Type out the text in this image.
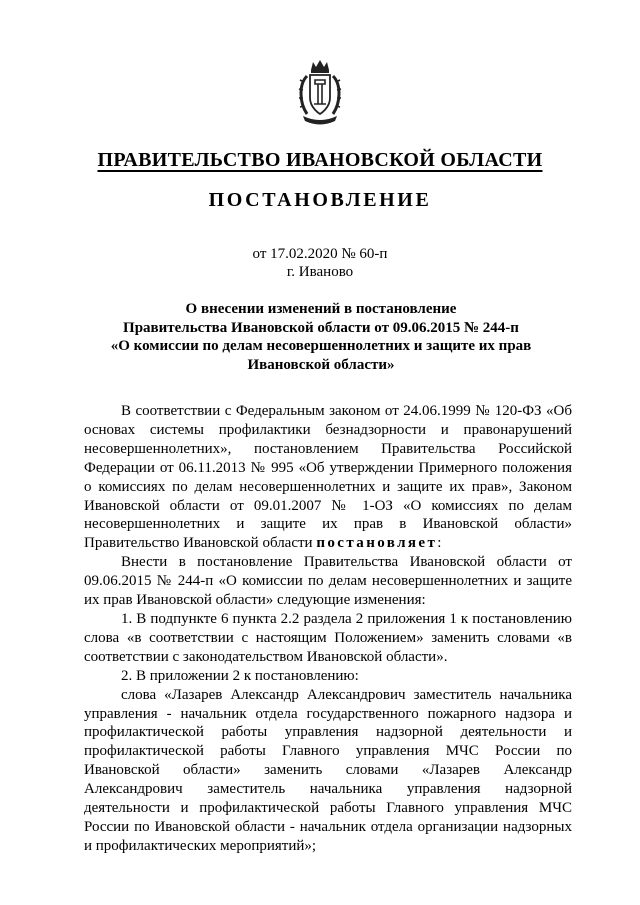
ПРАВИТЕЛЬСТВО ИВАНОВСКОЙ ОБЛАСТИ
ПОСТАНОВЛЕНИЕ
от 17.02.2020 № 60-п
г. Иваново
О внесении изменений в постановление
Правительства Ивановской области от 09.06.2015 № 244-п
«О комиссии по делам несовершеннолетних и защите их прав
Ивановской области»

В соответствии с Федеральным законом от 24.06.1999 № 120-ФЗ «Об основах системы профилактики безнадзорности и правонарушений несовершеннолетних», постановлением Правительства Российской Федерации от 06.11.2013 № 995 «Об утверждении Примерного положения о комиссиях по делам несовершеннолетних и защите их прав», Законом Ивановской области от 09.01.2007 № 1-ОЗ «О комиссиях по делам несовершеннолетних и защите их прав в Ивановской области» Правительство Ивановской области постановляет:

Внести в постановление Правительства Ивановской области от 09.06.2015 № 244-п «О комиссии по делам несовершеннолетних и защите их прав Ивановской области» следующие изменения:

1. В подпункте 6 пункта 2.2 раздела 2 приложения 1 к постановлению слова «в соответствии с настоящим Положением» заменить словами «в соответствии с законодательством Ивановской области».

2. В приложении 2 к постановлению:

слова «Лазарев Александр Александрович заместитель начальника управления - начальник отдела государственного пожарного надзора и профилактической работы управления надзорной деятельности и профилактической работы Главного управления МЧС России по Ивановской области» заменить словами «Лазарев Александр Александрович заместитель начальника управления надзорной деятельности и профилактической работы Главного управления МЧС России по Ивановской области - начальник отдела организации надзорных и профилактических мероприятий»;
